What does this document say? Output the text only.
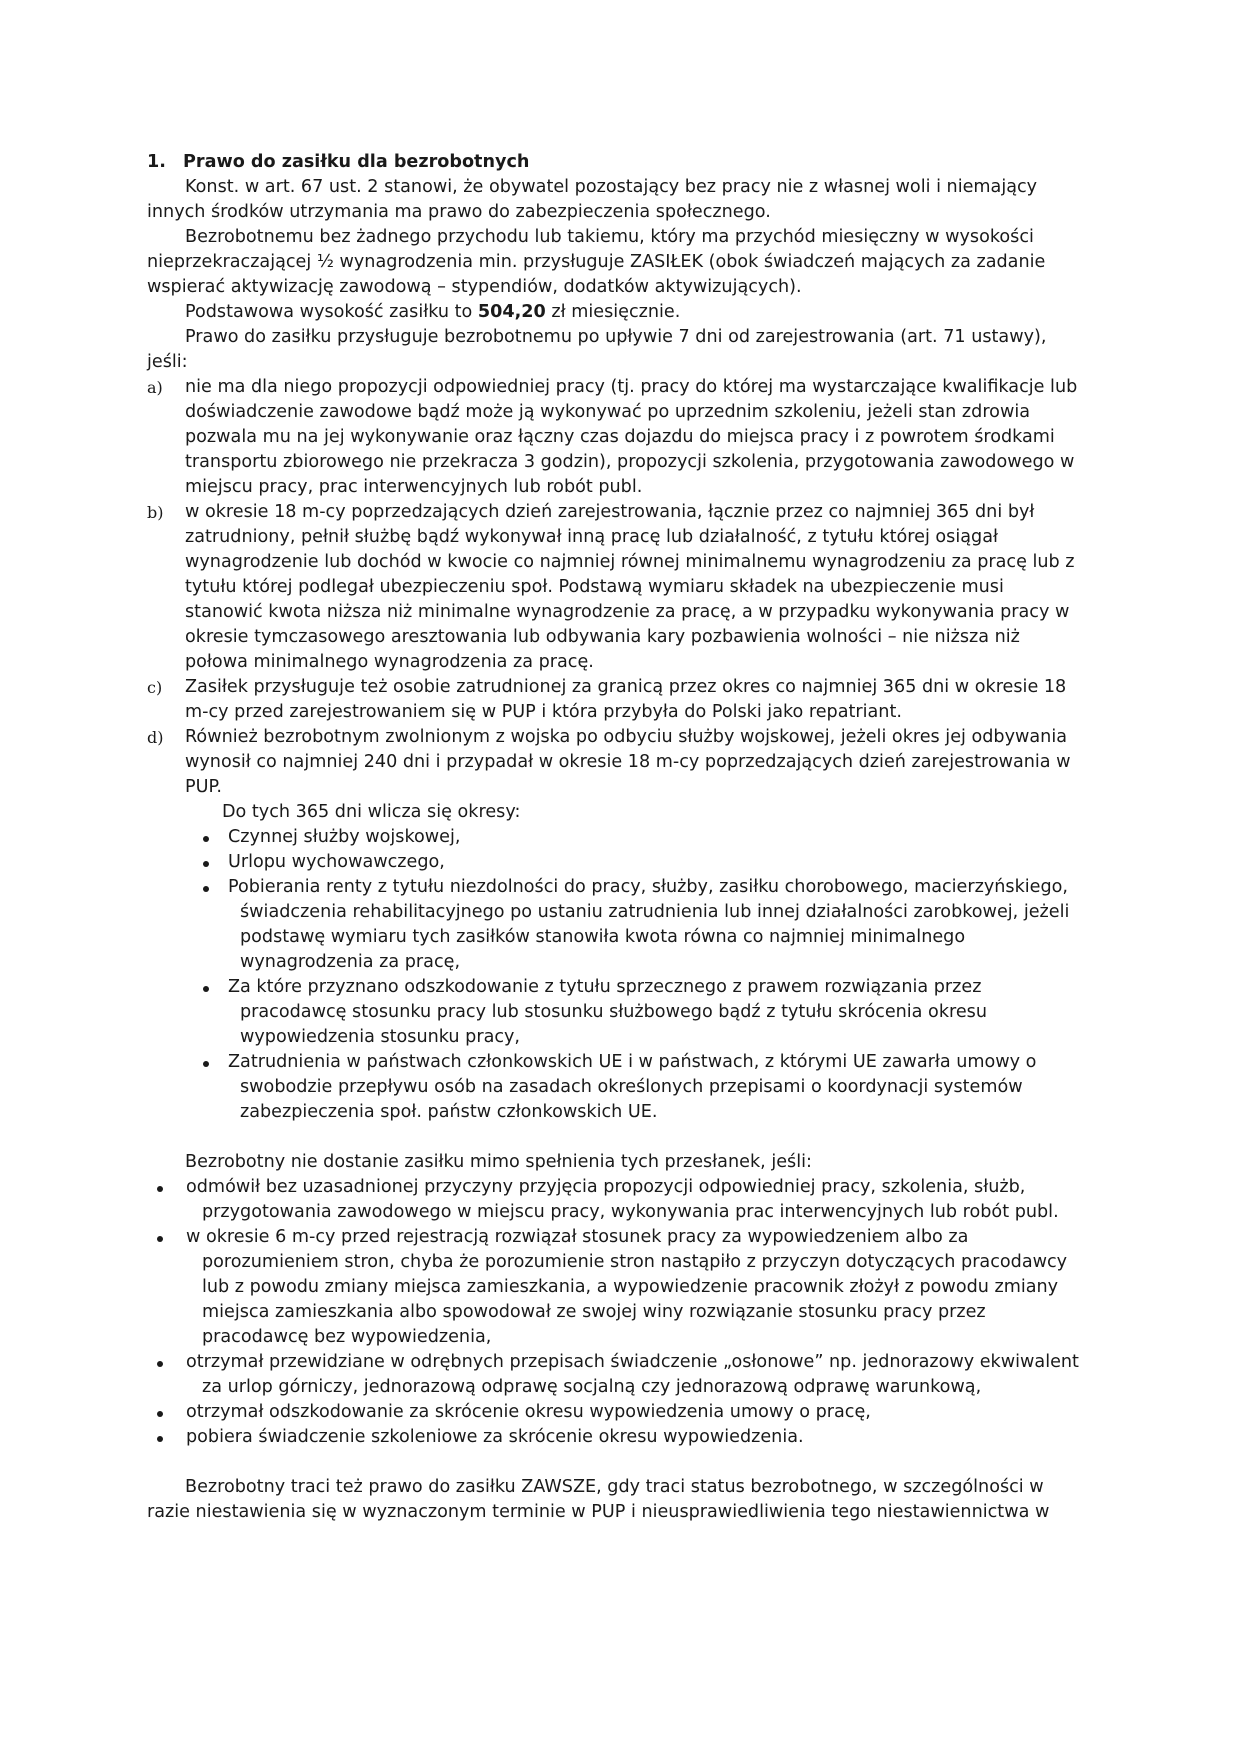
1. Prawo do zasiłku dla bezrobotnych

Konst. w art. 67 ust. 2 stanowi, że obywatel pozostający bez pracy nie z własnej woli i niemający innych środków utrzymania ma prawo do zabezpieczenia społecznego.

Bezrobotnemu bez żadnego przychodu lub takiemu, który ma przychód miesięczny w wysokości nieprzekraczającej ½ wynagrodzenia min. przysługuje ZASIŁEK (obok świadczeń mających za zadanie wspierać aktywizację zawodową – stypendiów, dodatków aktywizujących).

Podstawowa wysokość zasiłku to 504,20 zł miesięcznie.

Prawo do zasiłku przysługuje bezrobotnemu po upływie 7 dni od zarejestrowania (art. 71 ustawy), jeśli:

a) nie ma dla niego propozycji odpowiedniej pracy (tj. pracy do której ma wystarczające kwalifikacje lub doświadczenie zawodowe bądź może ją wykonywać po uprzednim szkoleniu, jeżeli stan zdrowia pozwala mu na jej wykonywanie oraz łączny czas dojazdu do miejsca pracy i z powrotem środkami transportu zbiorowego nie przekracza 3 godzin), propozycji szkolenia, przygotowania zawodowego w miejscu pracy, prac interwencyjnych lub robót publ.
b) w okresie 18 m-cy poprzedzających dzień zarejestrowania, łącznie przez co najmniej 365 dni był zatrudniony, pełnił służbę bądź wykonywał inną pracę lub działalność, z tytułu której osiągał wynagrodzenie lub dochód w kwocie co najmniej równej minimalnemu wynagrodzeniu za pracę lub z tytułu której podlegał ubezpieczeniu społ. Podstawą wymiaru składek na ubezpieczenie musi stanowić kwota niższa niż minimalne wynagrodzenie za pracę, a w przypadku wykonywania pracy w okresie tymczasowego aresztowania lub odbywania kary pozbawienia wolności – nie niższa niż połowa minimalnego wynagrodzenia za pracę.
c) Zasiłek przysługuje też osobie zatrudnionej za granicą przez okres co najmniej 365 dni w okresie 18 m-cy przed zarejestrowaniem się w PUP i która przybyła do Polski jako repatriant.
d) Również bezrobotnym zwolnionym z wojska po odbyciu służby wojskowej, jeżeli okres jej odbywania wynosił co najmniej 240 dni i przypadał w okresie 18 m-cy poprzedzających dzień zarejestrowania w PUP.

Do tych 365 dni wlicza się okresy:

Czynnej służby wojskowej,
Urlopu wychowawczego,
Pobierania renty z tytułu niezdolności do pracy, służby, zasiłku chorobowego, macierzyńskiego, świadczenia rehabilitacyjnego po ustaniu zatrudnienia lub innej działalności zarobkowej, jeżeli podstawę wymiaru tych zasiłków stanowiła kwota równa co najmniej minimalnego wynagrodzenia za pracę,
Za które przyznano odszkodowanie z tytułu sprzecznego z prawem rozwiązania przez pracodawcę stosunku pracy lub stosunku służbowego bądź z tytułu skrócenia okresu wypowiedzenia stosunku pracy,
Zatrudnienia w państwach członkowskich UE i w państwach, z którymi UE zawarła umowy o swobodzie przepływu osób na zasadach określonych przepisami o koordynacji systemów zabezpieczenia społ. państw członkowskich UE.

Bezrobotny nie dostanie zasiłku mimo spełnienia tych przesłanek, jeśli:

odmówił bez uzasadnionej przyczyny przyjęcia propozycji odpowiedniej pracy, szkolenia, służb, przygotowania zawodowego w miejscu pracy, wykonywania prac interwencyjnych lub robót publ.
w okresie 6 m-cy przed rejestracją rozwiązał stosunek pracy za wypowiedzeniem albo za porozumieniem stron, chyba że porozumienie stron nastąpiło z przyczyn dotyczących pracodawcy lub z powodu zmiany miejsca zamieszkania, a wypowiedzenie pracownik złożył z powodu zmiany miejsca zamieszkania albo spowodował ze swojej winy rozwiązanie stosunku pracy przez pracodawcę bez wypowiedzenia,
otrzymał przewidziane w odrębnych przepisach świadczenie „osłonowe” np. jednorazowy ekwiwalent za urlop górniczy, jednorazową odprawę socjalną czy jednorazową odprawę warunkową,
otrzymał odszkodowanie za skrócenie okresu wypowiedzenia umowy o pracę,
pobiera świadczenie szkoleniowe za skrócenie okresu wypowiedzenia.

Bezrobotny traci też prawo do zasiłku ZAWSZE, gdy traci status bezrobotnego, w szczególności w razie niestawienia się w wyznaczonym terminie w PUP i nieusprawiedliwienia tego niestawiennictwa w
